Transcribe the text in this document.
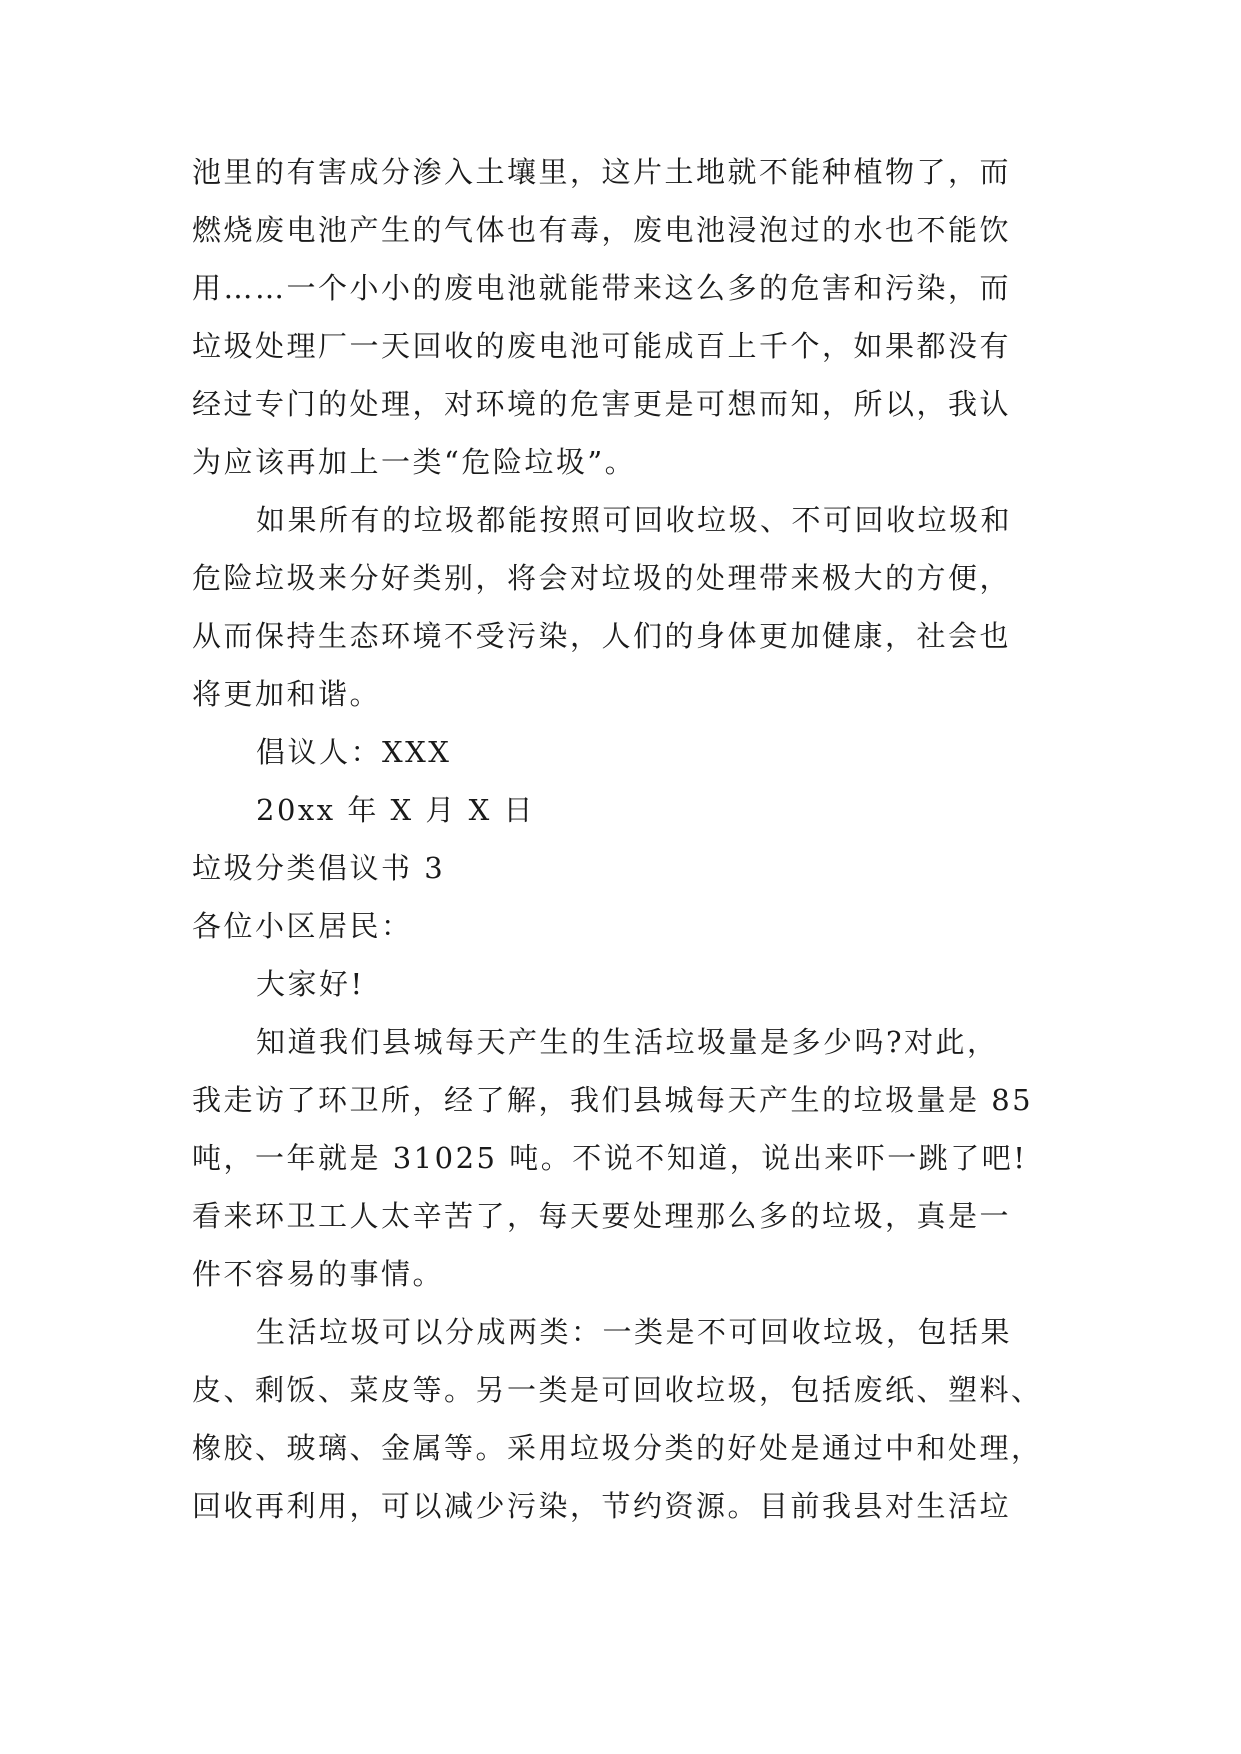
池里的有害成分渗入土壤里，这片土地就不能种植物了，而
燃烧废电池产生的气体也有毒，废电池浸泡过的水也不能饮
用……一个小小的废电池就能带来这么多的危害和污染，而
垃圾处理厂一天回收的废电池可能成百上千个，如果都没有
经过专门的处理，对环境的危害更是可想而知，所以，我认
为应该再加上一类“危险垃圾”。
如果所有的垃圾都能按照可回收垃圾、不可回收垃圾和
危险垃圾来分好类别，将会对垃圾的处理带来极大的方便，
从而保持生态环境不受污染，人们的身体更加健康，社会也
将更加和谐。
倡议人：XXX
20xx 年 X 月 X 日
垃圾分类倡议书 3
各位小区居民：
大家好!
知道我们县城每天产生的生活垃圾量是多少吗?对此，
我走访了环卫所，经了解，我们县城每天产生的垃圾量是 85
吨，一年就是 31025 吨。不说不知道，说出来吓一跳了吧!
看来环卫工人太辛苦了，每天要处理那么多的垃圾，真是一
件不容易的事情。
生活垃圾可以分成两类：一类是不可回收垃圾，包括果
皮、剩饭、菜皮等。另一类是可回收垃圾，包括废纸、塑料、
橡胶、玻璃、金属等。采用垃圾分类的好处是通过中和处理，
回收再利用，可以减少污染，节约资源。目前我县对生活垃
